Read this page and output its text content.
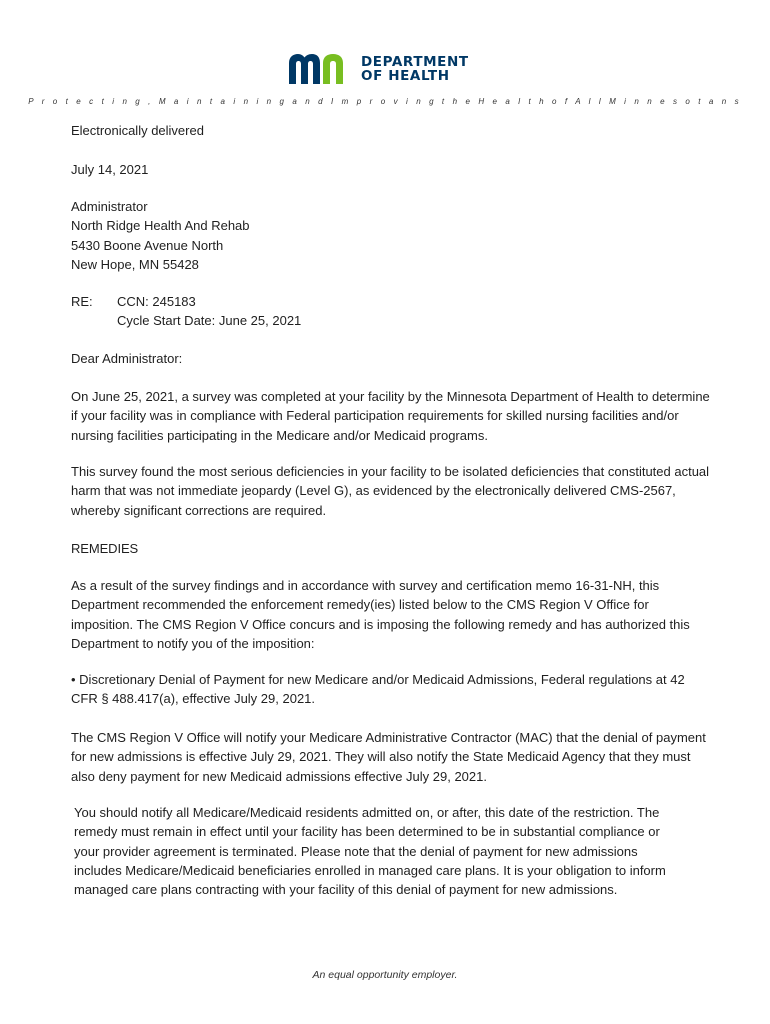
DEPARTMENT
OF HEALTH
P r o t e c t i n g , M a i n t a i n i n g a n d I m p r o v i n g t h e H e a l t h o f A l l M i n n e s o t a n s

Electronically delivered

July 14, 2021

Administrator
North Ridge Health And Rehab
5430 Boone Avenue North
New Hope, MN 55428
RE:	CCN: 245183
Cycle Start Date: June 25, 2021

Dear Administrator:

On June 25, 2021, a survey was completed at your facility by the Minnesota Department of Health to determine if your facility was in compliance with Federal participation requirements for skilled nursing facilities and/or nursing facilities participating in the Medicare and/or Medicaid programs.

This survey found the most serious deficiencies in your facility to be isolated deficiencies that constituted actual harm that was not immediate jeopardy (Level G), as evidenced by the electronically delivered CMS-2567, whereby significant corrections are required.

REMEDIES

As a result of the survey findings and in accordance with survey and certification memo 16-31-NH, this Department recommended the enforcement remedy(ies) listed below to the CMS Region V Office for imposition. The CMS Region V Office concurs and is imposing the following remedy and has authorized this Department to notify you of the imposition:

• Discretionary Denial of Payment for new Medicare and/or Medicaid Admissions, Federal regulations at 42 CFR § 488.417(a), effective July 29, 2021.

The CMS Region V Office will notify your Medicare Administrative Contractor (MAC) that the denial of payment for new admissions is effective July 29, 2021. They will also notify the State Medicaid Agency that they must also deny payment for new Medicaid admissions effective July 29, 2021.

You should notify all Medicare/Medicaid residents admitted on, or after, this date of the restriction. The remedy must remain in effect until your facility has been determined to be in substantial compliance or your provider agreement is terminated. Please note that the denial of payment for new admissions includes Medicare/Medicaid beneficiaries enrolled in managed care plans. It is your obligation to inform managed care plans contracting with your facility of this denial of payment for new admissions.

An equal opportunity employer.
